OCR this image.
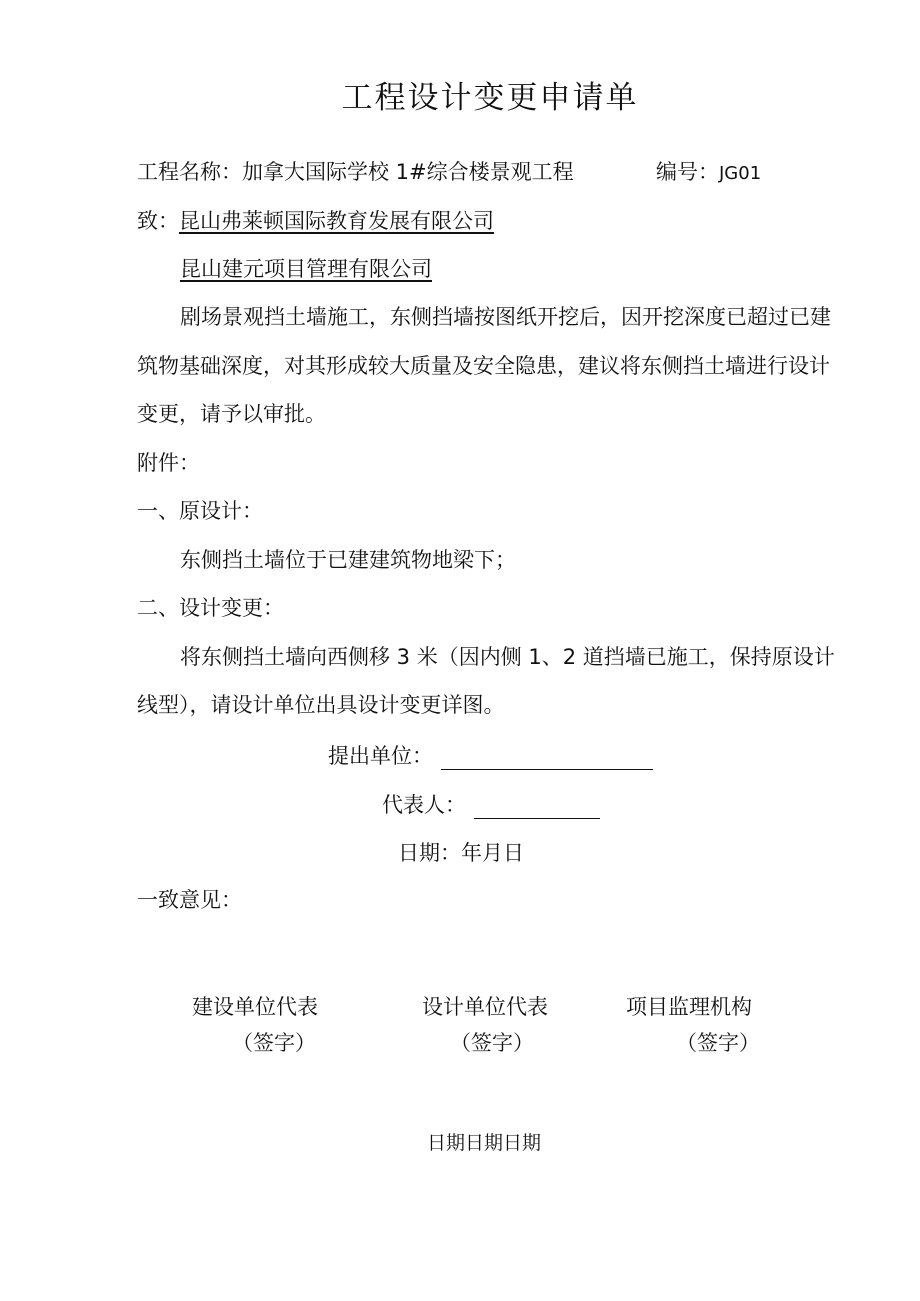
工程设计变更申请单
工程名称：加拿大国际学校 1#综合楼景观工程	编号：JG01
致：昆山弗莱顿国际教育发展有限公司
昆山建元项目管理有限公司
剧场景观挡土墙施工，东侧挡墙按图纸开挖后，因开挖深度已超过已建
筑物基础深度，对其形成较大质量及安全隐患，建议将东侧挡土墙进行设计
变更，请予以审批。
附件：
一、原设计：
东侧挡土墙位于已建建筑物地梁下；
二、设计变更：
将东侧挡土墙向西侧移 3 米（因内侧 1、2 道挡墙已施工，保持原设计
线型），请设计单位出具设计变更详图。
提出单位：
代表人：
日期：年月日
一致意见：
建设单位代表
（签字）
设计单位代表
（签字）
项目监理机构
（签字）
日期日期日期
